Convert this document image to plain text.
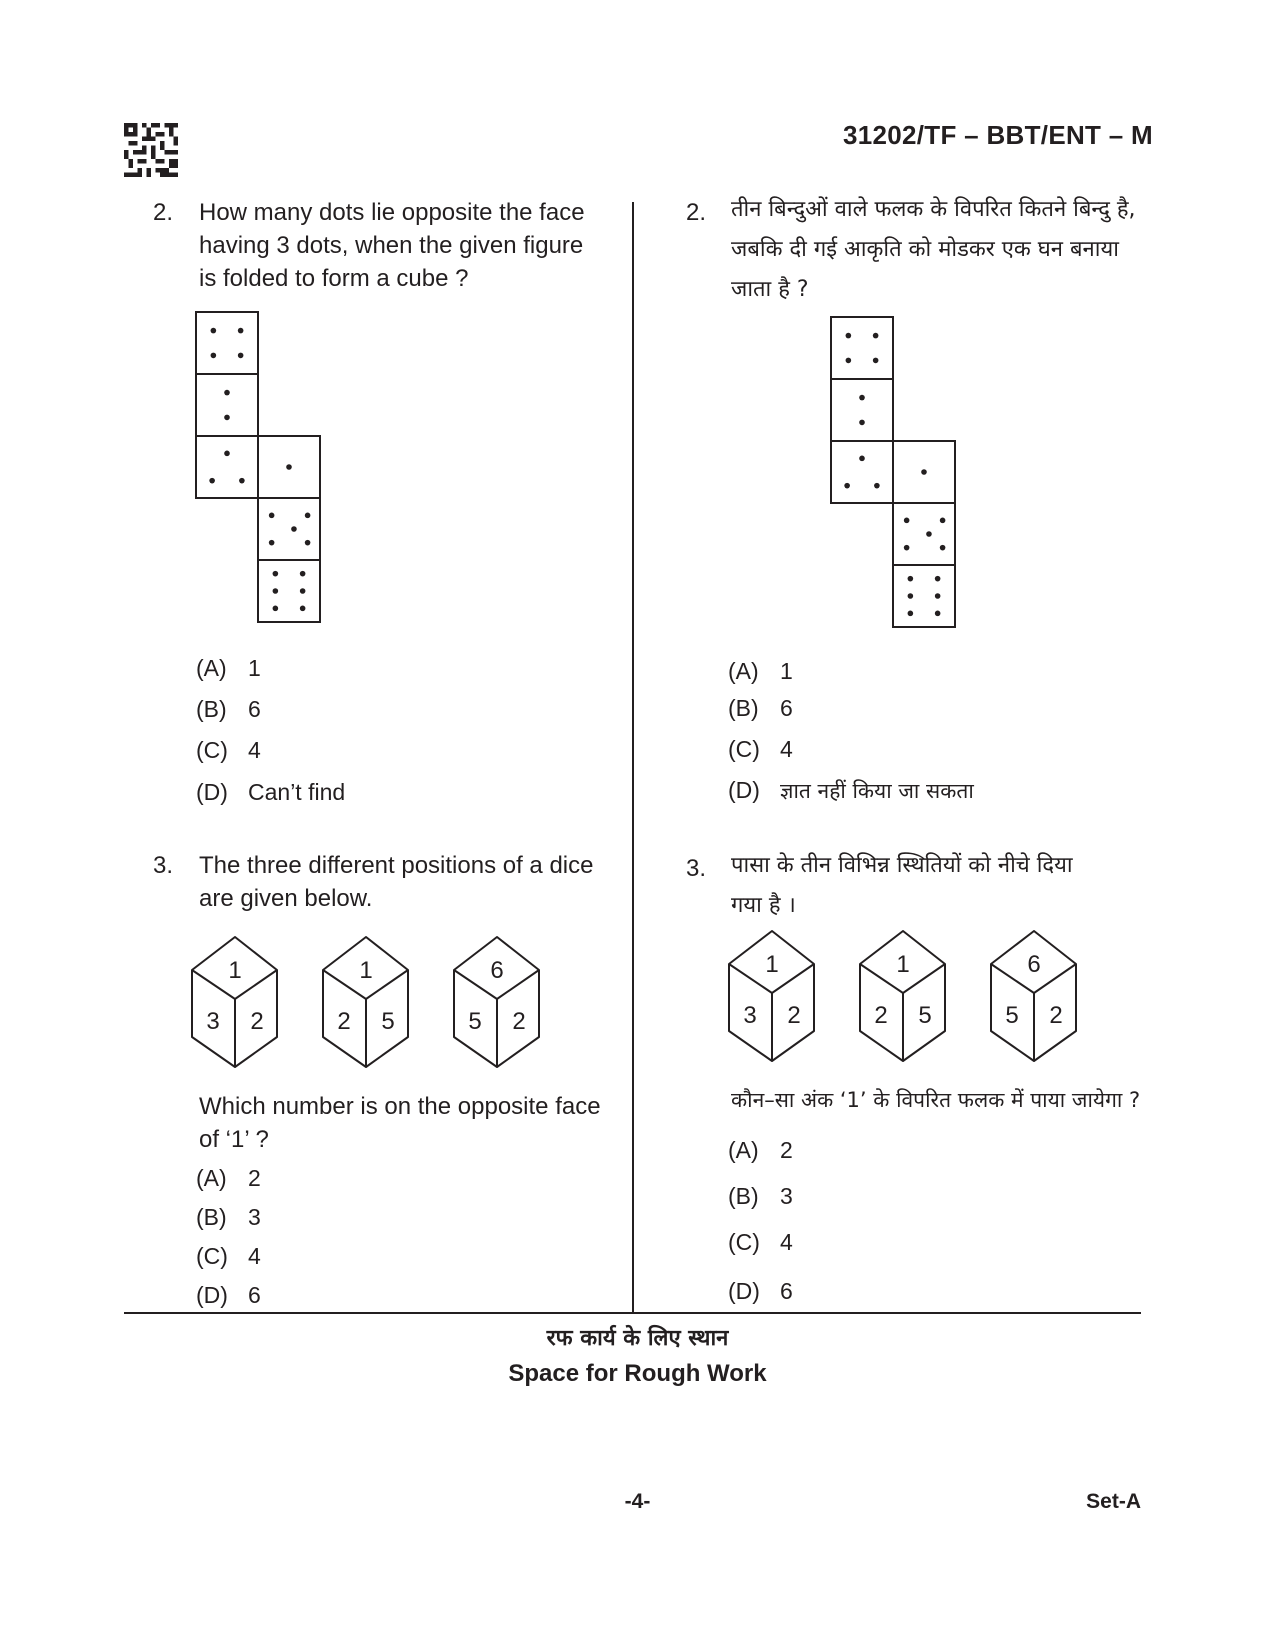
31202/TF – BBT/ENT – M
2. How many dots lie opposite the face
having 3 dots, when the given figure
is folded to form a cube ?
(A) 1
(B) 6
(C) 4
(D) Can’t find
3. The three different positions of a dice
are given below.
1
3 2
1
2 5
6
5 2
Which number is on the opposite face
of ‘1’ ?
(A) 2
(B) 3
(C) 4
(D) 6
2. तीन बिन्दुओं वाले फलक के विपरित कितने बिन्दु है,
जबकि दी गई आकृति को मोडकर एक घन बनाया
जाता है ?
(A) 1
(B) 6
(C) 4
(D) ज्ञात नहीं किया जा सकता
3. पासा के तीन विभिन्न स्थितियों को नीचे दिया
गया है ।
1
3 2
1
2 5
6
5 2
कौन–सा अंक ‘1’ के विपरित फलक में पाया जायेगा ?
(A) 2
(B) 3
(C) 4
(D) 6
रफ कार्य के लिए स्थान
Space for Rough Work
-4-	Set-A
